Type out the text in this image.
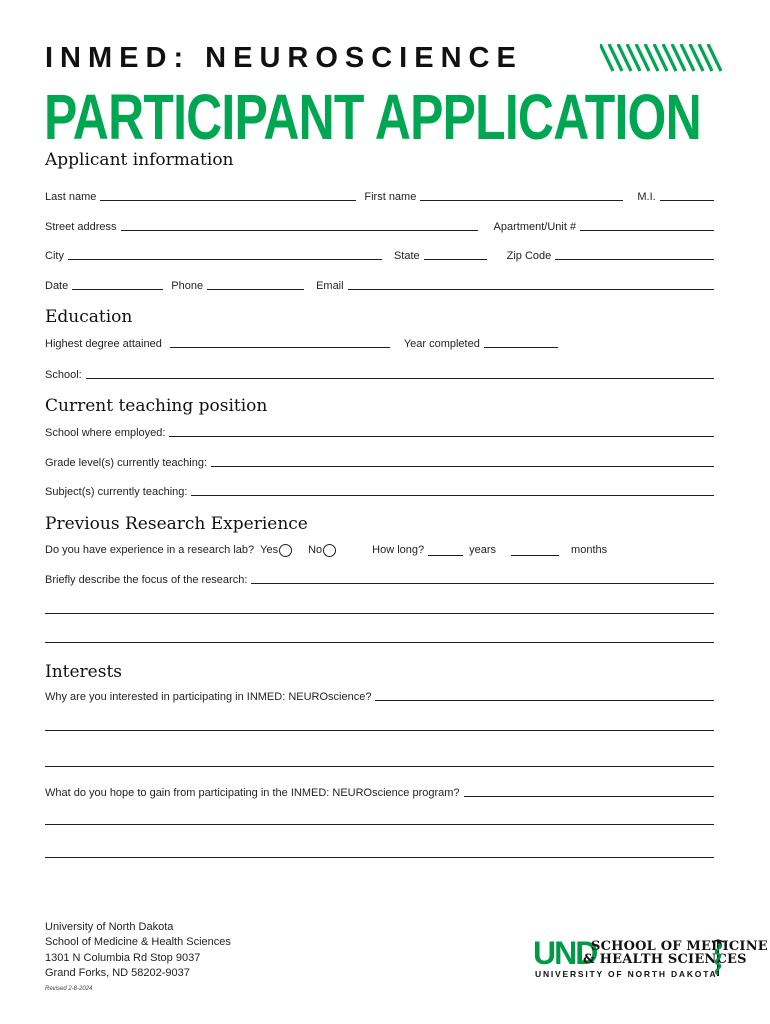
INMED: NEUROSCIENCE
PARTICIPANT APPLICATION
Applicant information
Last name	First name	M.I.
Street address	Apartment/Unit #
City	State	Zip Code
Date	Phone	Email
Education
Highest degree attained	Year completed
School:
Current teaching position
School where employed:
Grade level(s) currently teaching:
Subject(s) currently teaching:
Previous Research Experience
Do you have experience in a research lab? Yes	No	How long?	years	months
Briefly describe the focus of the research:
Interests
Why are you interested in participating in INMED: NEUROscience?
What do you hope to gain from participating in the INMED: NEUROscience program?
University of North Dakota
School of Medicine & Health Sciences
1301 N Columbia Rd Stop 9037
Grand Forks, ND 58202-9037
Revised 2-8-2024
UND
SCHOOL OF MEDICINE
& HEALTH SCIENCES
UNIVERSITY OF NORTH DAKOTA
